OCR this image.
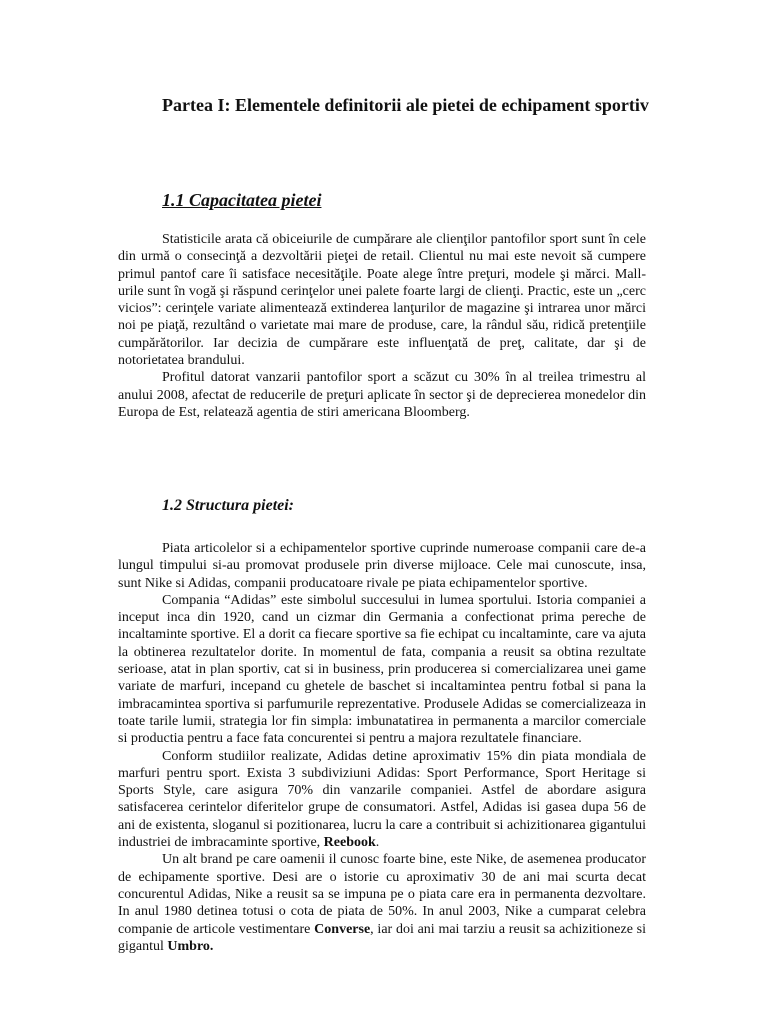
Partea I: Elementele definitorii ale pietei de echipament sportiv
1.1 Capacitatea pietei

Statisticile arata că obiceiurile de cumpărare ale clienţilor pantofilor sport sunt în cele din urmă o consecinţă a dezvoltării pieţei de retail. Clientul nu mai este nevoit să cumpere primul pantof care îi satisface necesităţile. Poate alege între preţuri, modele şi mărci. Mall-urile sunt în vogă şi răspund cerinţelor unei palete foarte largi de clienţi. Practic, este un „cerc vicios”: cerinţele variate alimentează extinderea lanţurilor de magazine şi intrarea unor mărci noi pe piaţă, rezultând o varietate mai mare de produse, care, la rândul său, ridică pretenţiile cumpărătorilor. Iar decizia de cumpărare este influenţată de preţ, calitate, dar şi de notorietatea brandului.

Profitul datorat vanzarii pantofilor sport a scăzut cu 30% în al treilea trimestru al anului 2008, afectat de reducerile de preţuri aplicate în sector şi de deprecierea monedelor din Europa de Est, relatează agentia de stiri americana Bloomberg.

1.2 Structura pietei:

Piata articolelor si a echipamentelor sportive cuprinde numeroase companii care de-a lungul timpului si-au promovat produsele prin diverse mijloace. Cele mai cunoscute, insa, sunt Nike si Adidas, companii producatoare rivale pe piata echipamentelor sportive.

Compania “Adidas” este simbolul succesului in lumea sportului. Istoria companiei a inceput inca din 1920, cand un cizmar din Germania a confectionat prima pereche de incaltaminte sportive. El a dorit ca fiecare sportive sa fie echipat cu incaltaminte, care va ajuta la obtinerea rezultatelor dorite. In momentul de fata, compania a reusit sa obtina rezultate serioase, atat in plan sportiv, cat si in business, prin producerea si comercializarea unei game variate de marfuri, incepand cu ghetele de baschet si incaltamintea pentru fotbal si pana la imbracamintea sportiva si parfumurile reprezentative. Produsele Adidas se comercializeaza in toate tarile lumii, strategia lor fin simpla: imbunatatirea in permanenta a marcilor comerciale si productia pentru a face fata concurentei si pentru a majora rezultatele financiare.

Conform studiilor realizate, Adidas detine aproximativ 15% din piata mondiala de marfuri pentru sport. Exista 3 subdiviziuni Adidas: Sport Performance, Sport Heritage si Sports Style, care asigura 70% din vanzarile companiei. Astfel de abordare asigura satisfacerea cerintelor diferitelor grupe de consumatori. Astfel, Adidas isi gasea dupa 56 de ani de existenta, sloganul si pozitionarea, lucru la care a contribuit si achizitionarea gigantului industriei de imbracaminte sportive, Reebook.

Un alt brand pe care oamenii il cunosc foarte bine, este Nike, de asemenea producator de echipamente sportive. Desi are o istorie cu aproximativ 30 de ani mai scurta decat concurentul Adidas, Nike a reusit sa se impuna pe o piata care era in permanenta dezvoltare. In anul 1980 detinea totusi o cota de piata de 50%. In anul 2003, Nike a cumparat celebra companie de articole vestimentare Converse, iar doi ani mai tarziu a reusit sa achizitioneze si gigantul Umbro.
